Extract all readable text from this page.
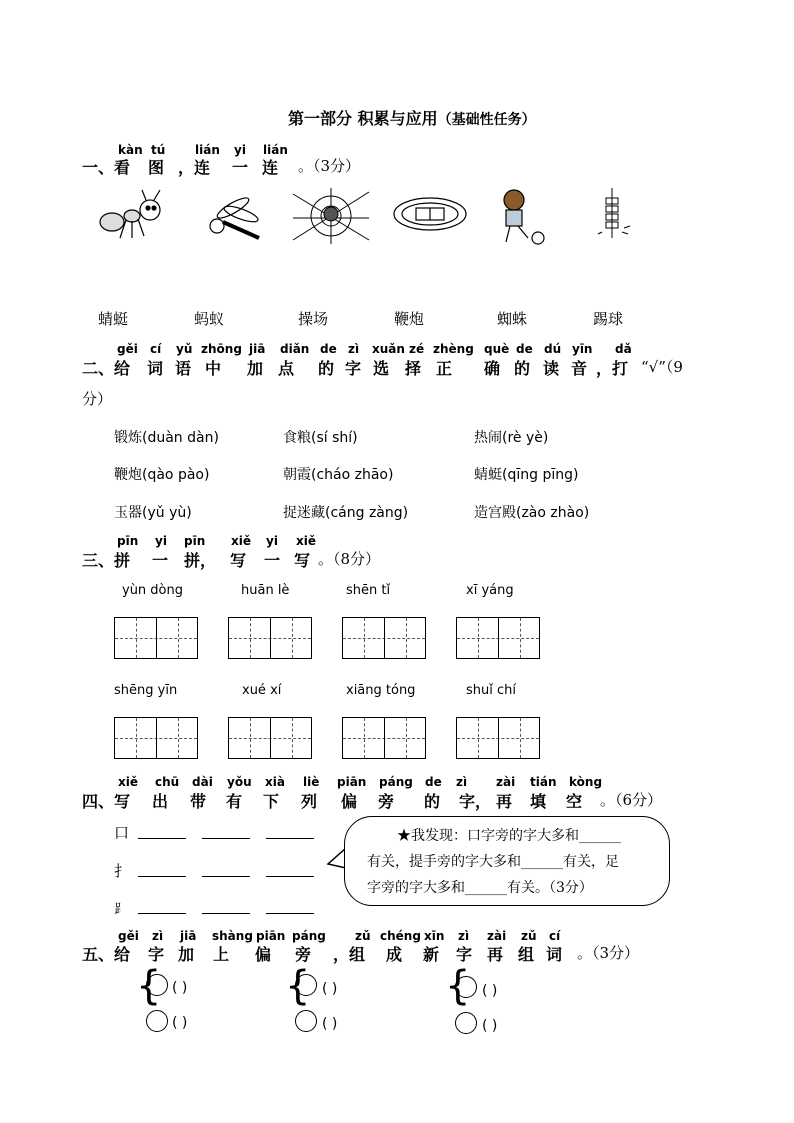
第一部分 积累与应用（基础性任务）
一、
kàn tú lián yi lián
看 图 ，连 一 连 。（3分）
蜻蜓	蚂蚁	操场	鞭炮	蜘蛛	踢球
二、
gěi cí yǔ zhōng jiā diǎn de zì xuǎn zé zhèng què de dú yīn dǎ
给 词 语 中 加 点 的 字 选 择 正 确 的 读 音 ，打 “√”（9
分）
锻炼(duàn dàn)	食粮(sí shí)	热闹(rè yè)
鞭炮(qào pào)	朝霞(cháo zhāo)	蜻蜓(qīng pīng)
玉器(yǔ yù)	捉迷藏(cáng zàng)	造宫殿(zào zhào)
三、
pīn yi pīn xiě yi xiě
拼 一 拼， 写 一 写 。（8分）
yùn dòng	huān lè	shēn tǐ	xī yáng
shēng yīn	xué xí	xiāng tóng	shuǐ chí
四、
xiě chū dài yǒu xià liè piān páng de zì zài tián kòng
写 出 带 有 下 列 偏 旁 的 字， 再 填 空 。（6分）
口
扌
⻊
★我发现：口字旁的字大多和______
有关，提手旁的字大多和______有关，足
字旁的字大多和______有关。（3分）
五、
gěi zì jiā shàng piān páng zǔ chéng xīn zì zài zǔ cí
给 字 加 上 偏 旁 ，组 成 新 字 再 组 词 。（3分）
{ ( )
( )
{ ( )
( )
{ ( )
( )
